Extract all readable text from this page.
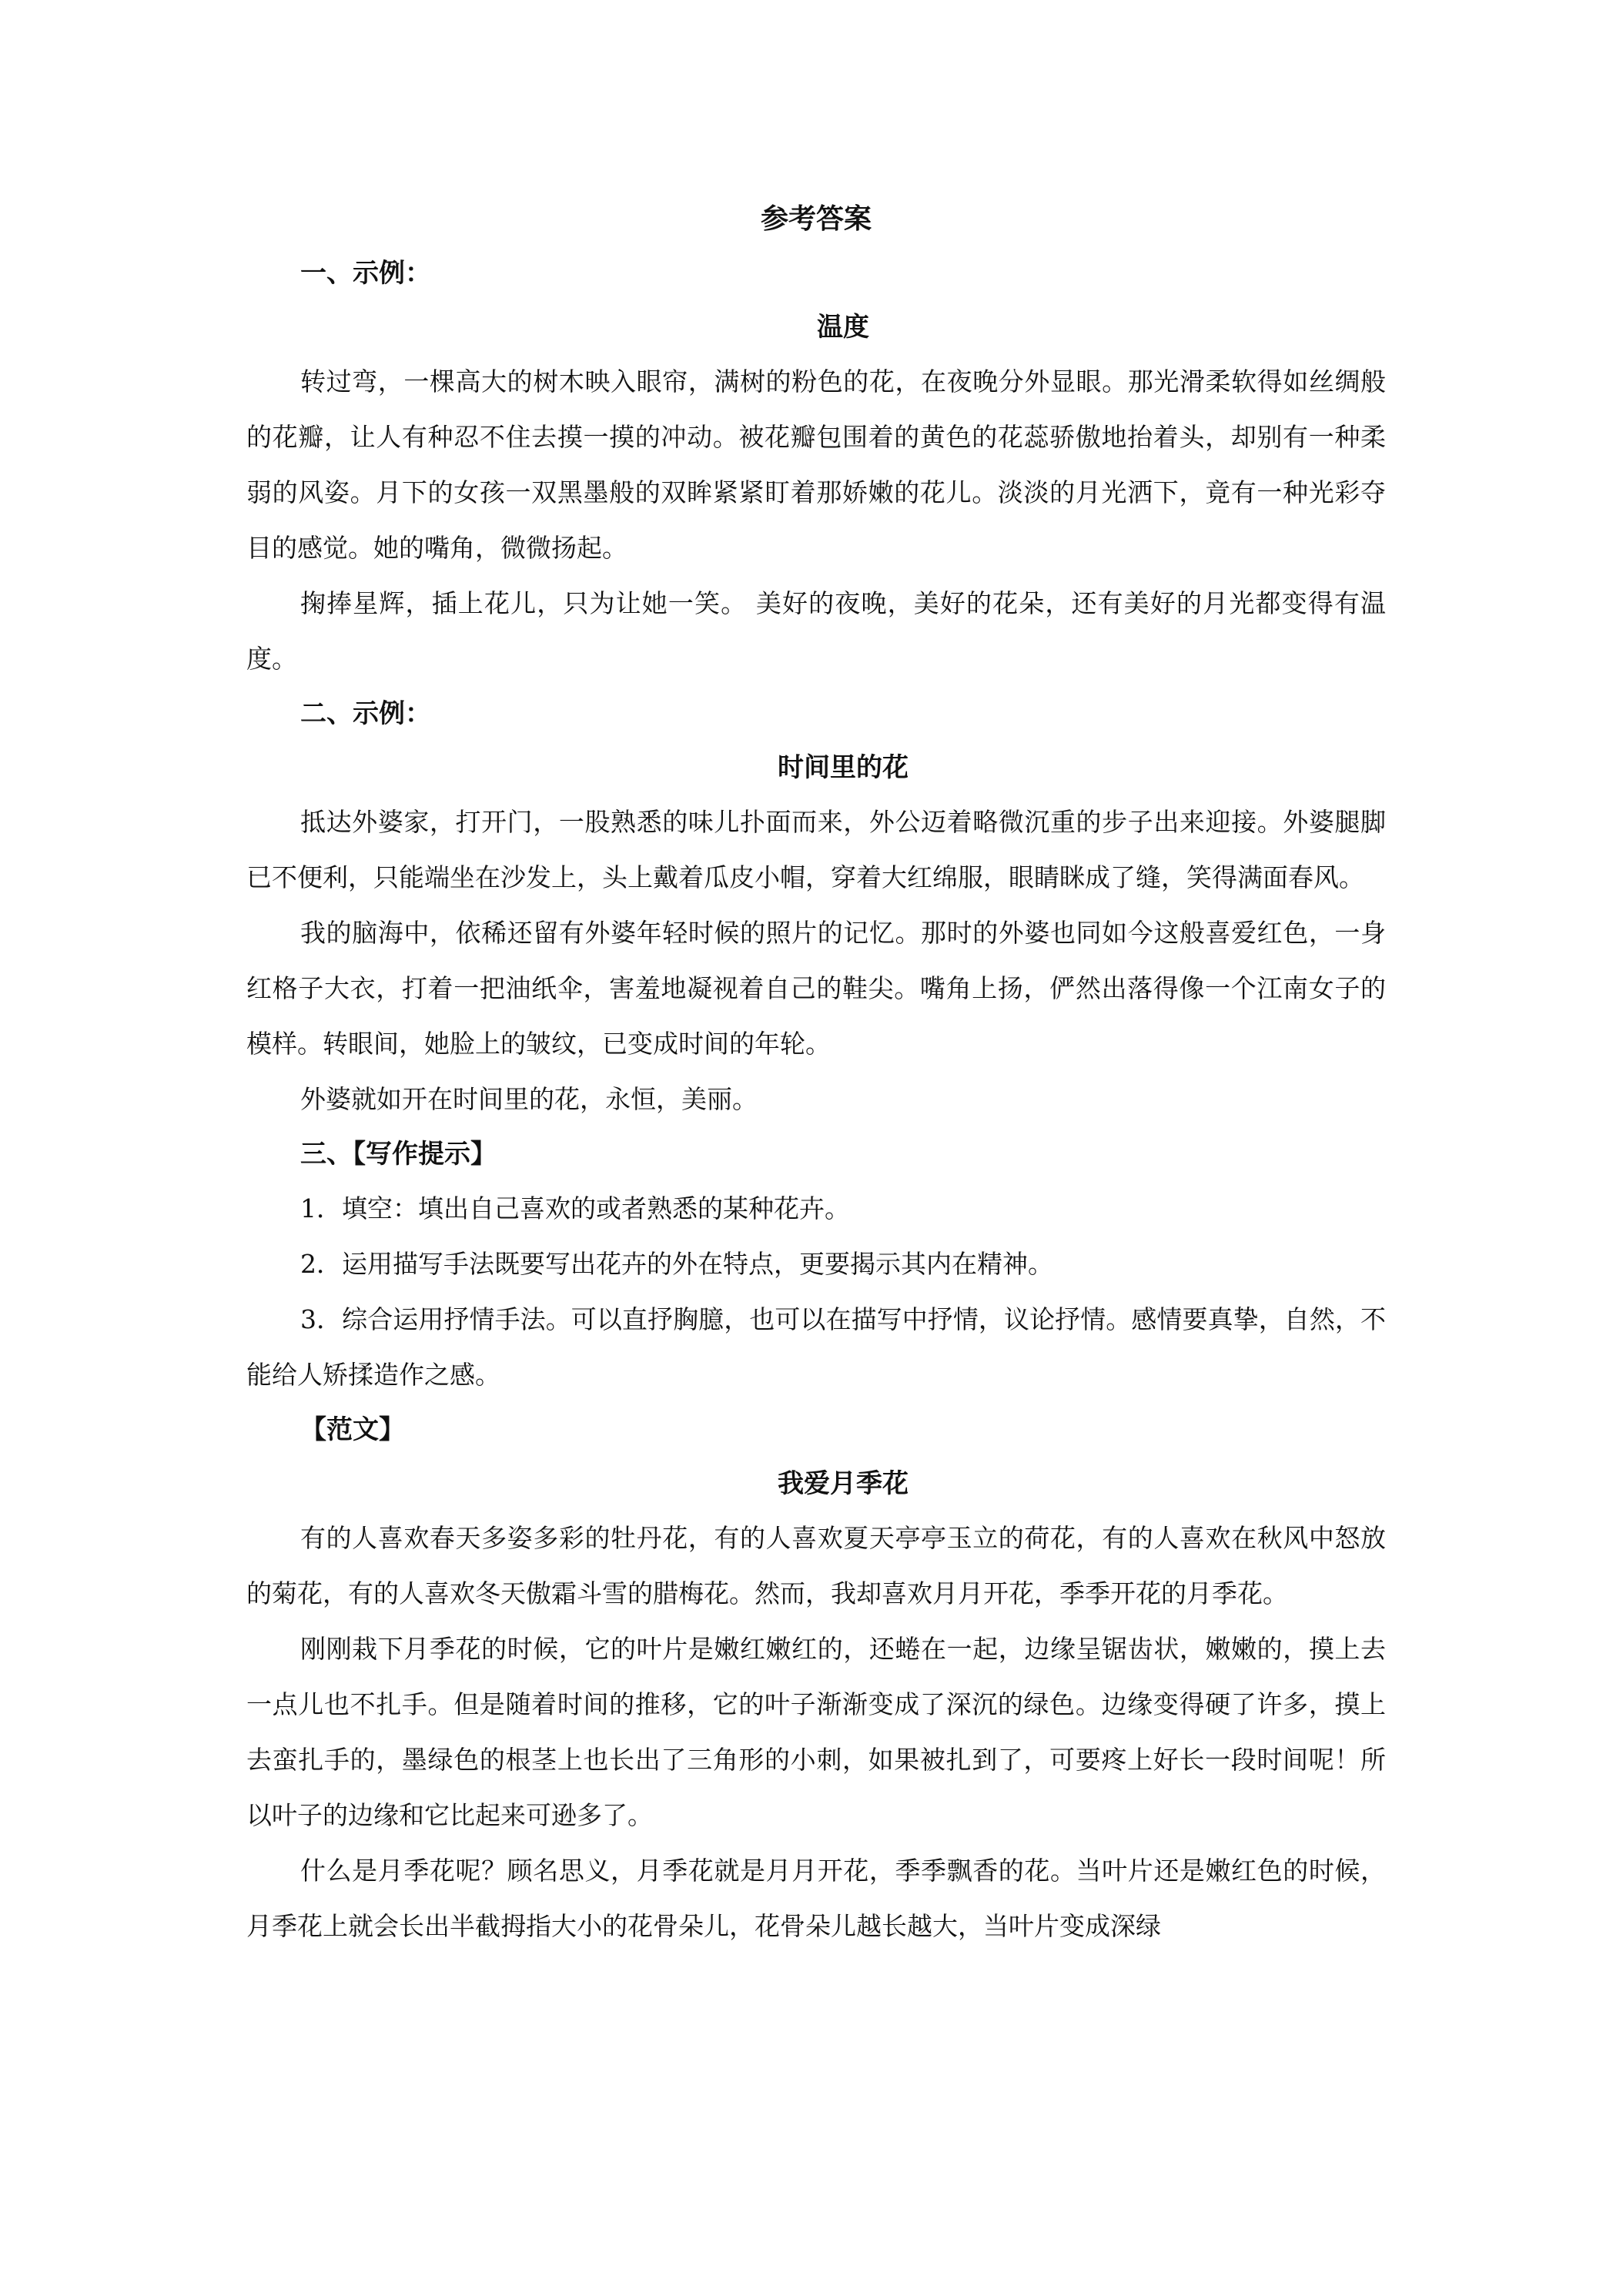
参考答案
一、示例：
温度

转过弯，一棵高大的树木映入眼帘，满树的粉色的花，在夜晚分外显眼。那光滑柔软得如丝绸般的花瓣，让人有种忍不住去摸一摸的冲动。被花瓣包围着的黄色的花蕊骄傲地抬着头，却别有一种柔弱的风姿。月下的女孩一双黑墨般的双眸紧紧盯着那娇嫩的花儿。淡淡的月光洒下，竟有一种光彩夺目的感觉。她的嘴角，微微扬起。

掬捧星辉，插上花儿，只为让她一笑。 美好的夜晚，美好的花朵，还有美好的月光都变得有温度。

二、示例：
时间里的花

抵达外婆家，打开门，一股熟悉的味儿扑面而来，外公迈着略微沉重的步子出来迎接。外婆腿脚已不便利，只能端坐在沙发上，头上戴着瓜皮小帽，穿着大红绵服，眼睛眯成了缝，笑得满面春风。

我的脑海中，依稀还留有外婆年轻时候的照片的记忆。那时的外婆也同如今这般喜爱红色，一身红格子大衣，打着一把油纸伞，害羞地凝视着自己的鞋尖。嘴角上扬，俨然出落得像一个江南女子的模样。转眼间，她脸上的皱纹，已变成时间的年轮。

外婆就如开在时间里的花，永恒，美丽。

三、【写作提示】

1．填空：填出自己喜欢的或者熟悉的某种花卉。

2．运用描写手法既要写出花卉的外在特点，更要揭示其内在精神。

3．综合运用抒情手法。可以直抒胸臆，也可以在描写中抒情，议论抒情。感情要真挚，自然，不能给人矫揉造作之感。

【范文】
我爱月季花

有的人喜欢春天多姿多彩的牡丹花，有的人喜欢夏天亭亭玉立的荷花，有的人喜欢在秋风中怒放的菊花，有的人喜欢冬天傲霜斗雪的腊梅花。然而，我却喜欢月月开花，季季开花的月季花。

刚刚栽下月季花的时候，它的叶片是嫩红嫩红的，还蜷在一起，边缘呈锯齿状，嫩嫩的，摸上去一点儿也不扎手。但是随着时间的推移，它的叶子渐渐变成了深沉的绿色。边缘变得硬了许多，摸上去蛮扎手的，墨绿色的根茎上也长出了三角形的小刺，如果被扎到了，可要疼上好长一段时间呢！所以叶子的边缘和它比起来可逊多了。

什么是月季花呢？顾名思义，月季花就是月月开花，季季飘香的花。当叶片还是嫩红色的时候，月季花上就会长出半截拇指大小的花骨朵儿，花骨朵儿越长越大，当叶片变成深绿
